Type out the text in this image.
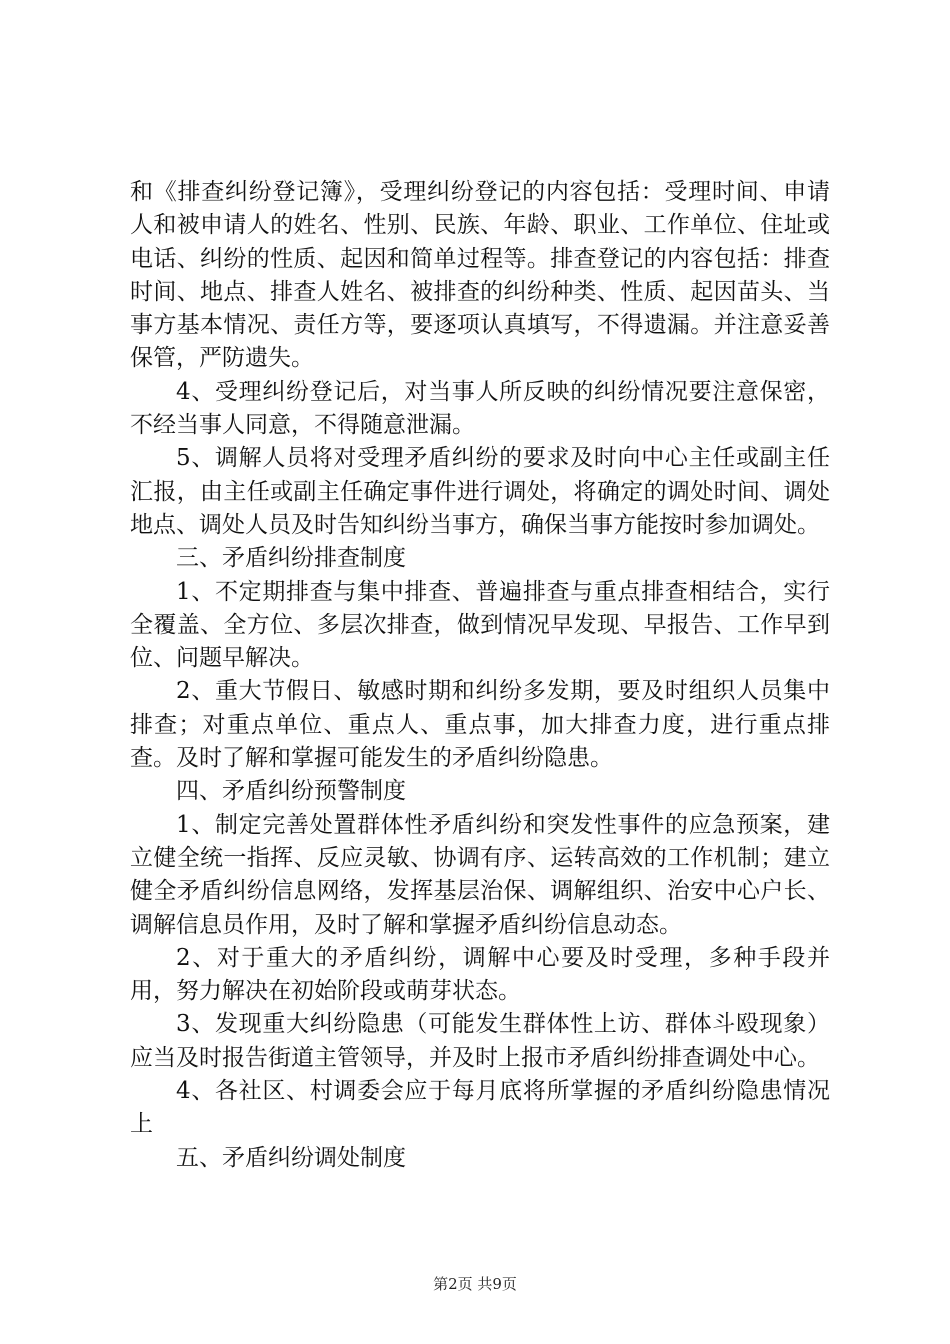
和《排查纠纷登记簿》，受理纠纷登记的内容包括：受理时间、申请人和被申请人的姓名、性别、民族、年龄、职业、工作单位、住址或电话、纠纷的性质、起因和简单过程等。排查登记的内容包括：排查时间、地点、排查人姓名、被排查的纠纷种类、性质、起因苗头、当事方基本情况、责任方等，要逐项认真填写，不得遗漏。并注意妥善保管，严防遗失。

4、受理纠纷登记后，对当事人所反映的纠纷情况要注意保密，不经当事人同意，不得随意泄漏。

5、调解人员将对受理矛盾纠纷的要求及时向中心主任或副主任汇报，由主任或副主任确定事件进行调处，将确定的调处时间、调处地点、调处人员及时告知纠纷当事方，确保当事方能按时参加调处。

三、矛盾纠纷排查制度

1、不定期排查与集中排查、普遍排查与重点排查相结合，实行全覆盖、全方位、多层次排查，做到情况早发现、早报告、工作早到位、问题早解决。

2、重大节假日、敏感时期和纠纷多发期，要及时组织人员集中排查；对重点单位、重点人、重点事，加大排查力度，进行重点排查。及时了解和掌握可能发生的矛盾纠纷隐患。

四、矛盾纠纷预警制度

1、制定完善处置群体性矛盾纠纷和突发性事件的应急预案，建立健全统一指挥、反应灵敏、协调有序、运转高效的工作机制；建立健全矛盾纠纷信息网络，发挥基层治保、调解组织、治安中心户长、调解信息员作用，及时了解和掌握矛盾纠纷信息动态。

2、对于重大的矛盾纠纷，调解中心要及时受理，多种手段并用，努力解决在初始阶段或萌芽状态。

3、发现重大纠纷隐患（可能发生群体性上访、群体斗殴现象）应当及时报告街道主管领导，并及时上报市矛盾纠纷排查调处中心。

4、各社区、村调委会应于每月底将所掌握的矛盾纠纷隐患情况上

五、矛盾纠纷调处制度

第2页 共9页
